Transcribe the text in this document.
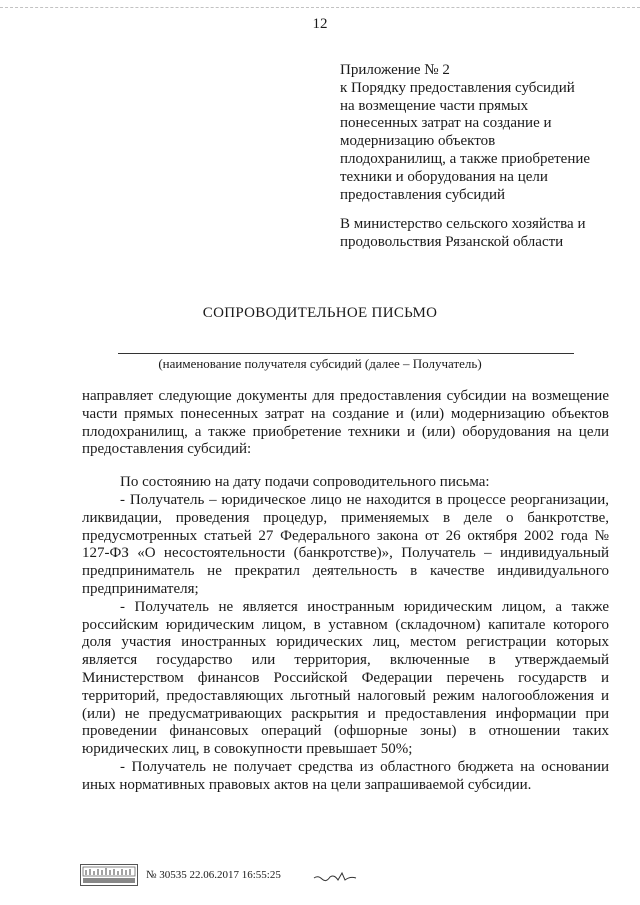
12
Приложение № 2
к Порядку предоставления субсидий
на возмещение части прямых
понесенных затрат на создание и
модернизацию объектов
плодохранилищ, а также приобретение
техники и оборудования на цели
предоставления субсидий
В министерство сельского хозяйства и
продовольствия Рязанской области
СОПРОВОДИТЕЛЬНОЕ ПИСЬМО
(наименование получателя субсидий (далее – Получатель)

направляет следующие документы для предоставления субсидии на возмещение части прямых понесенных затрат на создание и (или) модернизацию объектов плодохранилищ, а также приобретение техники и (или) оборудования на цели предоставления субсидий:

По состоянию на дату подачи сопроводительного письма:

- Получатель – юридическое лицо не находится в процессе реорганизации, ликвидации, проведения процедур, применяемых в деле о банкротстве, предусмотренных статьей 27 Федерального закона от 26 октября 2002 года № 127-ФЗ «О несостоятельности (банкротстве)», Получатель – индивидуальный предприниматель не прекратил деятельность в качестве индивидуального предпринимателя;

- Получатель не является иностранным юридическим лицом, а также российским юридическим лицом, в уставном (складочном) капитале которого доля участия иностранных юридических лиц, местом регистрации которых является государство или территория, включенные в утверждаемый Министерством финансов Российской Федерации перечень государств и территорий, предоставляющих льготный налоговый режим налогообложения и (или) не предусматривающих раскрытия и предоставления информации при проведении финансовых операций (офшорные зоны) в отношении таких юридических лиц, в совокупности превышает 50%;

- Получатель не получает средства из областного бюджета на основании иных нормативных правовых актов на цели запрашиваемой субсидии.

№ 30535 22.06.2017 16:55:25
